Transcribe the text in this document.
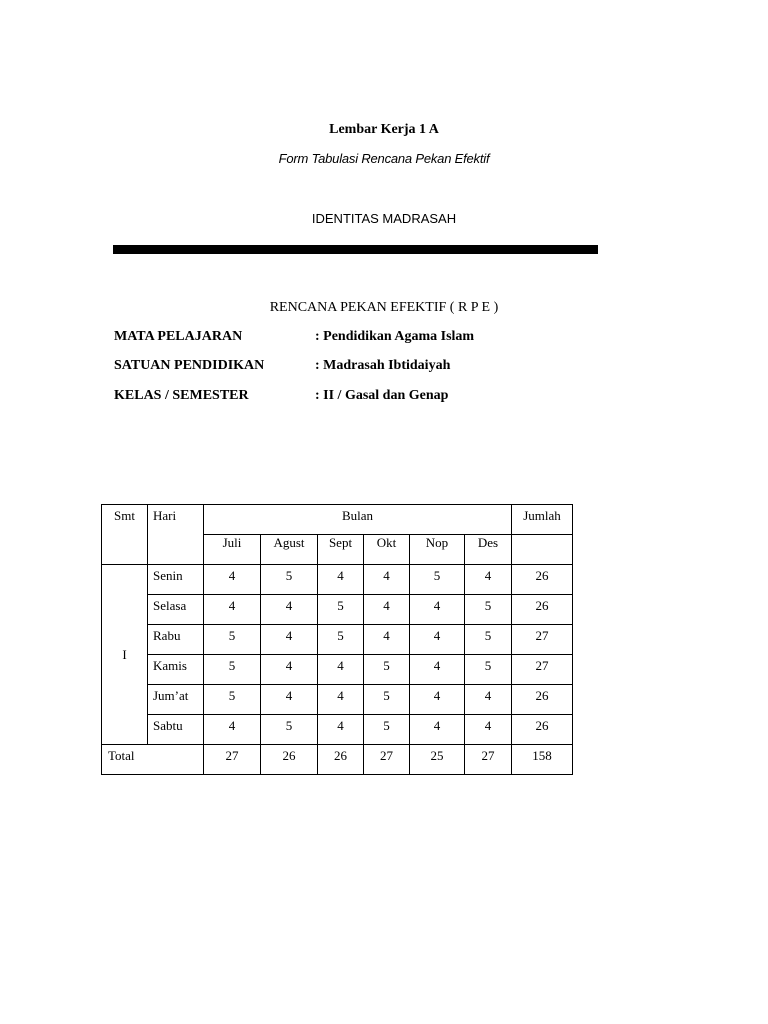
Lembar Kerja 1 A
Form Tabulasi Rencana Pekan Efektif
IDENTITAS MADRASAH
RENCANA PEKAN EFEKTIF ( R P E )
MATA PELAJARAN	: Pendidikan Agama Islam
SATUAN PENDIDIKAN	: Madrasah Ibtidaiyah
KELAS / SEMESTER	: II / Gasal dan Genap
Smt	Hari	Bulan						Jumlah

		Juli	Agust	Sept	Okt	Nop	Des	

I	Senin	4	5	4	4	5	4	26

	Selasa	4	4	5	4	4	5	26

	Rabu	5	4	5	4	4	5	27

	Kamis	5	4	4	5	4	5	27

	Jum’at	5	4	4	5	4	4	26

	Sabtu	4	5	4	5	4	4	26

Total		27	26	26	27	25	27	158
